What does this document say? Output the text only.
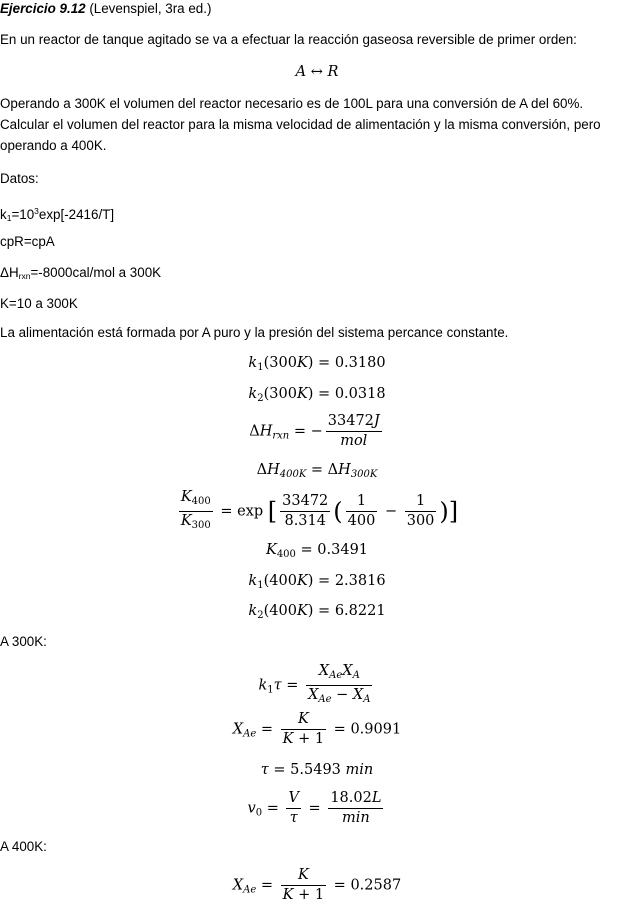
Ejercicio 9.12 (Levenspiel, 3ra ed.)
En un reactor de tanque agitado se va a efectuar la reacción gaseosa reversible de primer orden:
A ↔ R
Operando a 300K el volumen del reactor necesario es de 100L para una conversión de A del 60%. Calcular el volumen del reactor para la misma velocidad de alimentación y la misma conversión, pero operando a 400K.
Datos:
$k_1=10^3\exp[-2416/T]$
cpR=cpA
$\Delta H_{rxn}=-8000cal$/mol a 300K
K=10 a 300K
La alimentación está formada por A puro y la presión del sistema percance constante.
$k_1(300K) = 0.3180$
$k_2(300K) = 0.0318$
$\Delta H_{rxn}$ = − $\frac{33472J}{\text{mol}}$
$\Delta H_{400K} = \Delta H_{300K}$
$\frac{K_{400}}{K_{300}} = \exp$ [ $\frac{33472}{8.314}$ ( $\frac{1}{400} - \frac{1}{300}$ )]
$K_{400} = 0.3491$
$k_1(400K) = 2.3816$
$k_2(400K) = 6.8221$
A 300K:
$k_1\tau = \frac{X_{Ae}X_A}{X_{Ae} - X_A}$
$X_{Ae} = \frac{K}{K + 1} = 0.9091$
τ = 5.5493 min
$v_0 = \frac{V}{\tau} = \frac{18.02L}{\min}$
A 400K:
$X_{Ae} = \frac{K}{K + 1} = 0.2587$
